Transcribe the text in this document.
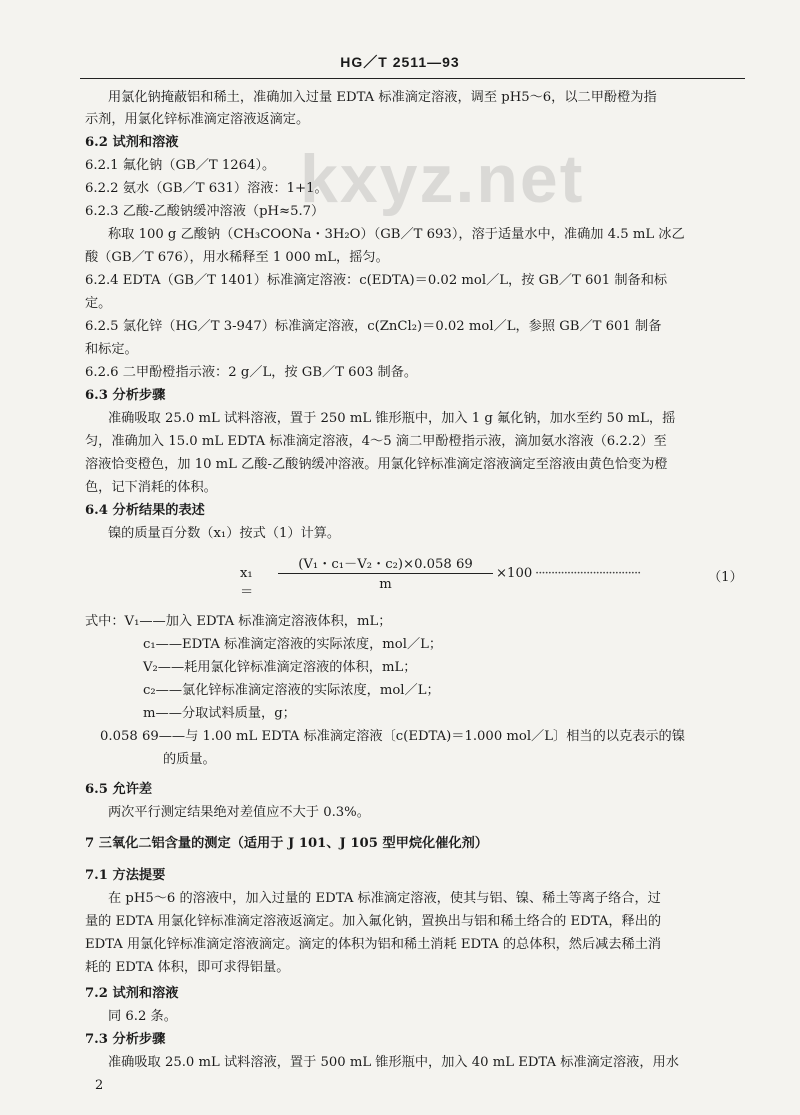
HG／T 2511—93
kxyz.net
用氯化钠掩蔽铝和稀土，准确加入过量 EDTA 标准滴定溶液，调至 pH5～6，以二甲酚橙为指
示剂，用氯化锌标准滴定溶液返滴定。
6.2 试剂和溶液
6.2.1 氟化钠（GB／T 1264）。
6.2.2 氨水（GB／T 631）溶液：1+1。
6.2.3 乙酸-乙酸钠缓冲溶液（pH≈5.7）
称取 100 g 乙酸钠（CH₃COONa・3H₂O）（GB／T 693），溶于适量水中，准确加 4.5 mL 冰乙
酸（GB／T 676），用水稀释至 1 000 mL，摇匀。
6.2.4 EDTA（GB／T 1401）标准滴定溶液：c(EDTA)＝0.02 mol／L，按 GB／T 601 制备和标
定。
6.2.5 氯化锌（HG／T 3-947）标准滴定溶液，c(ZnCl₂)＝0.02 mol／L，参照 GB／T 601 制备
和标定。
6.2.6 二甲酚橙指示液：2 g／L，按 GB／T 603 制备。
6.3 分析步骤
准确吸取 25.0 mL 试料溶液，置于 250 mL 锥形瓶中，加入 1 g 氟化钠，加水至约 50 mL，摇
匀，准确加入 15.0 mL EDTA 标准滴定溶液，4～5 滴二甲酚橙指示液，滴加氨水溶液（6.2.2）至
溶液恰变橙色，加 10 mL 乙酸-乙酸钠缓冲溶液。用氯化锌标准滴定溶液滴定至溶液由黄色恰变为橙
色，记下消耗的体积。
6.4 分析结果的表述
镍的质量百分数（x₁）按式（1）计算。
x₁ ＝
(V₁・c₁－V₂・c₂)×0.058 69
m
×100 ·································	（1）
式中：V₁——加入 EDTA 标准滴定溶液体积，mL；
c₁——EDTA 标准滴定溶液的实际浓度，mol／L；
V₂——耗用氯化锌标准滴定溶液的体积，mL；
c₂——氯化锌标准滴定溶液的实际浓度，mol／L；
m——分取试料质量，g；
0.058 69——与 1.00 mL EDTA 标准滴定溶液〔c(EDTA)＝1.000 mol／L〕相当的以克表示的镍
的质量。
6.5 允许差
两次平行测定结果绝对差值应不大于 0.3%。
7 三氧化二铝含量的测定（适用于 J 101、J 105 型甲烷化催化剂）
7.1 方法提要
在 pH5～6 的溶液中，加入过量的 EDTA 标准滴定溶液，使其与铝、镍、稀土等离子络合，过
量的 EDTA 用氯化锌标准滴定溶液返滴定。加入氟化钠，置换出与铝和稀土络合的 EDTA，释出的
EDTA 用氯化锌标准滴定溶液滴定。滴定的体积为铝和稀土消耗 EDTA 的总体积，然后减去稀土消
耗的 EDTA 体积，即可求得铝量。
7.2 试剂和溶液
同 6.2 条。
7.3 分析步骤
准确吸取 25.0 mL 试料溶液，置于 500 mL 锥形瓶中，加入 40 mL EDTA 标准滴定溶液，用水
2
